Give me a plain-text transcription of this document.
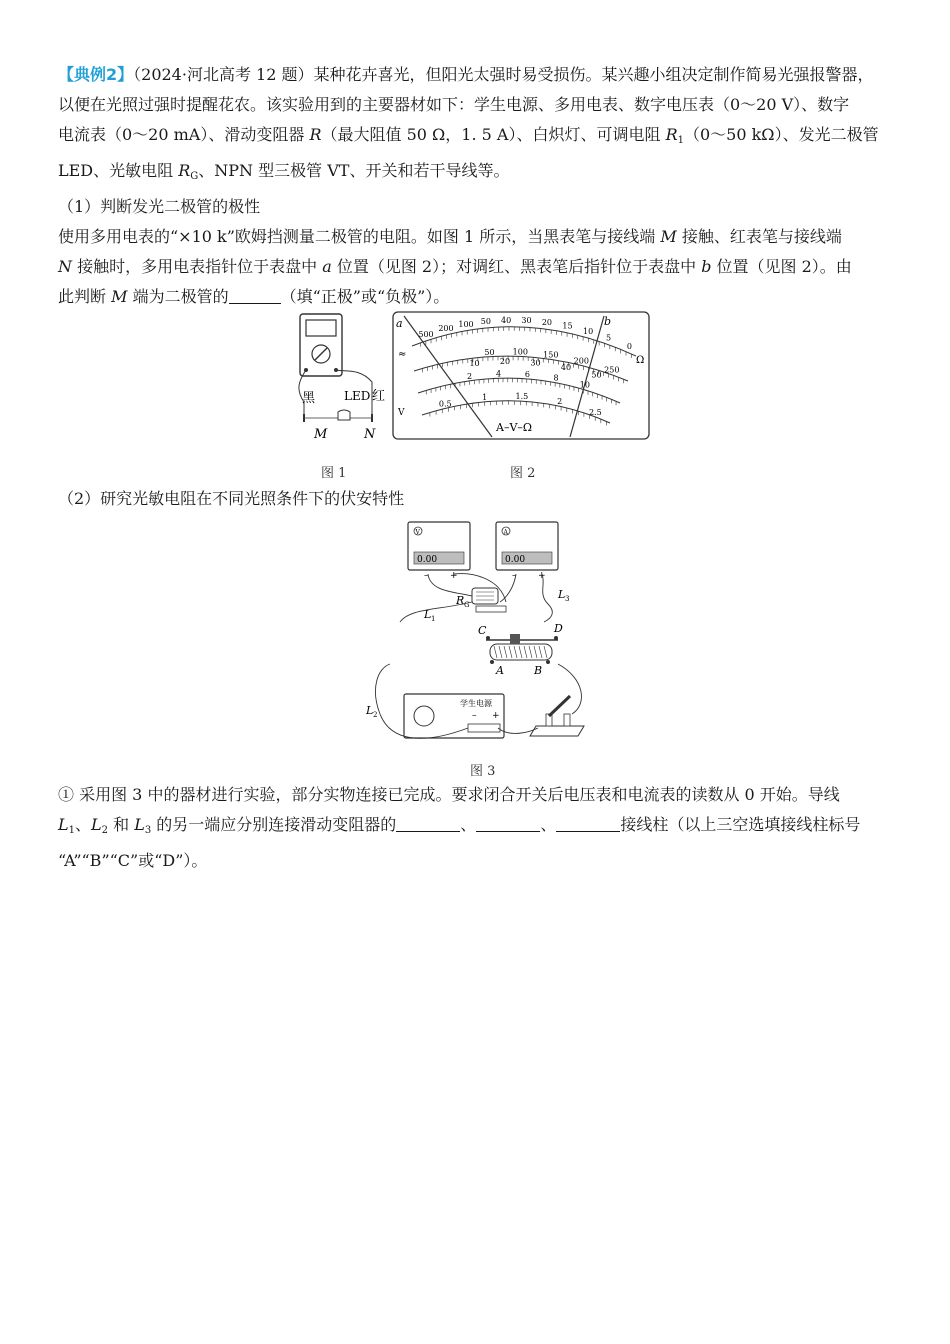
【典例2】（2024·河北高考 12 题）某种花卉喜光，但阳光太强时易受损伤。某兴趣小组决定制作简易光强报警器，
以便在光照过强时提醒花农。该实验用到的主要器材如下：学生电源、多用电表、数字电压表（0～20 V）、数字
电流表（0～20 mA）、滑动变阻器 R（最大阻值 50 Ω，1. 5 A）、白炽灯、可调电阻 $R_1(0\sim 50$ kΩ）、发光二极管
LED、光敏电阻 $R_G$、NPN 型三极管 VT、开关和若干导线等。
（1）判断发光二极管的极性
使用多用电表的“×10 k”欧姆挡测量二极管的电阻。如图 1 所示，当黑表笔与接线端 M 接触、红表笔与接线端
N 接触时，多用电表指针位于表盘中 a 位置（见图 2）；对调红、黑表笔后指针位于表盘中 b 位置（见图 2）。由
此判断 M 端为二极管的	（填“正极”或“负极”）。
黑 LED 红
M	N
a	b
Ω
≈
V
A–V–Ω
500
200 100 50 40 30 20 15
10
5
0
50 100 150
200
250
10	20	30	40
50
2	4	6	8
10
0.5
1	1.5
2
2.5
图 1	图 2
（2）研究光敏电阻在不同光照条件下的伏安特性
V
0.00
– +
A
0.00
– +
R G
L 1
L 3
C	D
A	B
学生电源
– +
L 2
图 3
① 采用图 3 中的器材进行实验，部分实物连接已完成。要求闭合开关后电压表和电流表的读数从 0 开始。导线
$L_1$、$L_2$ 和 $L_3$ 的另一端应分别连接滑动变阻器的	、	、	接线柱（以上三空选填接线柱标号
“A”“B”“C”或“D”）。
